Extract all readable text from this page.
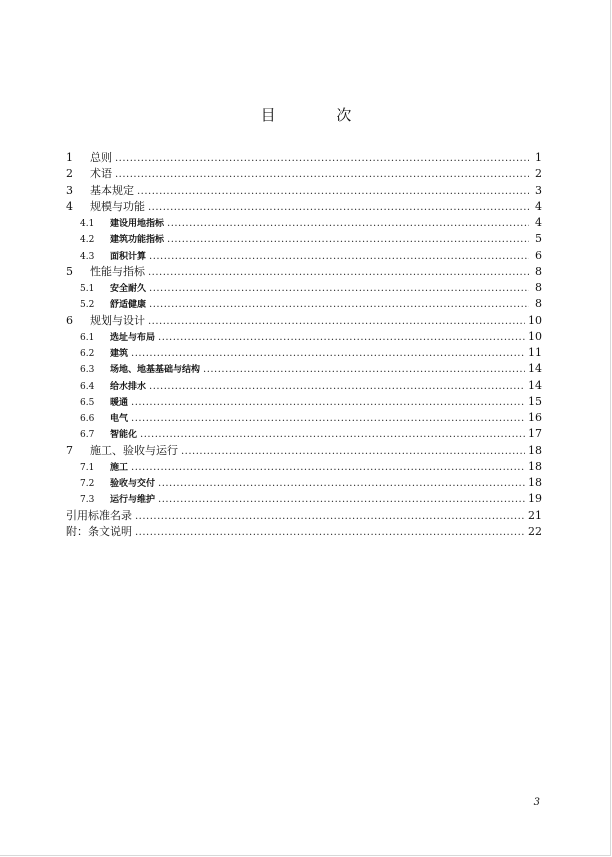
目 次
1	总则 .....	1
2	术语 .....	2
3	基本规定 .....	3
4	规模与功能 .....	4
4.1	建设用地指标 .....	4
4.2	建筑功能指标 .....	5
4.3	面积计算 .....	6
5	性能与指标 .....	8
5.1	安全耐久 .....	8
5.2	舒适健康 .....	8
6	规划与设计 .....	10
6.1	选址与布局 .....	10
6.2	建筑 .....	11
6.3	场地、地基基础与结构 .....	14
6.4	给水排水 .....	14
6.5	暖通 .....	15
6.6	电气 .....	16
6.7	智能化 .....	17
7	施工、验收与运行 .....	18
7.1	施工 .....	18
7.2	验收与交付 .....	18
7.3	运行与维护 .....	19
引用标准名录 .....	21
附：条文说明 .....	22
3
